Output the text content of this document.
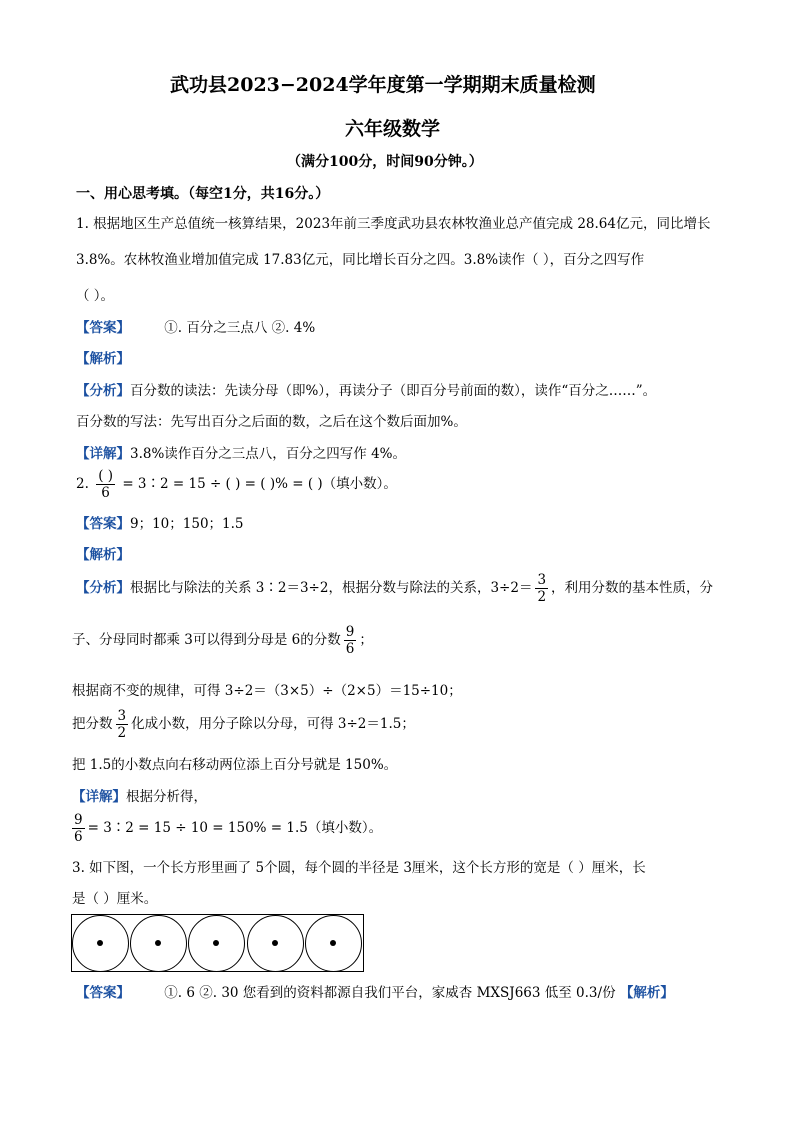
武功县2023−2024学年度第一学期期末质量检测
六年级数学
（满分100分，时间90分钟。）
一、用心思考填。（每空1分，共16分。）
1. 根据地区生产总值统一核算结果，2023年前三季度武功县农林牧渔业总产值完成 28.64亿元，同比增长
3.8%。农林牧渔业增加值完成 17.83亿元，同比增长百分之四。3.8%读作（ ），百分之四写作
（ ）。
【答案】	①. 百分之三点八 ②. 4%
【解析】
【分析】百分数的读法：先读分母（即%），再读分子（即百分号前面的数），读作“百分之……”。
百分数的写法：先写出百分之后面的数，之后在这个数后面加%。
【详解】3.8%读作百分之三点八，百分之四写作 4%。
2. $\frac{( )}{6}$ = 3∶2 = 15 ÷ ( ) = ( )% = ( )（填小数）。
【答案】9；10；150；1.5
【解析】
【分析】根据比与除法的关系 3∶2＝3÷2，根据分数与除法的关系，$3\div 2= \frac{3}{2}$ ，利用分数的基本性质，分
子、分母同时都乘 3可以得到分母是 6的分数 $\frac{9}{6}$ ；
根据商不变的规律，可得 3÷2＝（3×5）÷（2×5）＝15÷10；
把分数 $\frac{3}{2}$ 化成小数，用分子除以分母，可得 3÷2＝1.5；
把 1.5的小数点向右移动两位添上百分号就是 150%。
【详解】根据分析得，
$\frac{9}{6}$ = 3∶2 = 15 ÷ 10 = 150% = 1.5（填小数）。
3. 如下图，一个长方形里画了 5个圆，每个圆的半径是 3厘米，这个长方形的宽是（ ）厘米，长
是（ ）厘米。
【答案】	①. 6 ②. 30 您看到的资料都源自我们平台，家威杏 MXSJ663 低至 0.3/份 【解析】
